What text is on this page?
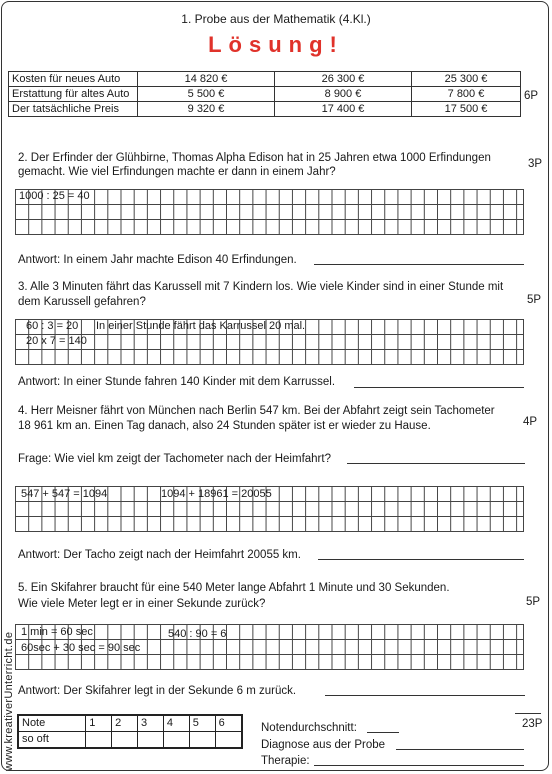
1. Probe aus der Mathematik (4.Kl.)
Lösung!
Kosten für neues Auto	14 820 €	26 300 €	25 300 €
Erstattung für altes Auto	5 500 €	8 900 €	7 800 €
Der tatsächliche Preis	9 320 €	17 400 €	17 500 €
6P
2. Der Erfinder der Glühbirne, Thomas Alpha Edison hat in 25 Jahren etwa 1000 Erfindungen
gemacht. Wie viel Erfindungen machte er dann in einem Jahr?
3P
1000 : 25 = 40
Antwort: In einem Jahr machte Edison 40 Erfindungen.
3. Alle 3 Minuten fährt das Karussell mit 7 Kindern los. Wie viele Kinder sind in einer Stunde mit
dem Karussell gefahren?	5P
60 : 3 = 20 In einer Stunde fährt das Karrussel 20 mal.
20 x 7 = 140
Antwort: In einer Stunde fahren 140 Kinder mit dem Karrussel.
4. Herr Meisner fährt von München nach Berlin 547 km. Bei der Abfahrt zeigt sein Tachometer
18 961 km an. Einen Tag danach, also 24 Stunden später ist er wieder zu Hause.	4P
Frage: Wie viel km zeigt der Tachometer nach der Heimfahrt?
547 + 547 = 1094	1094 + 18961 = 20055
Antwort: Der Tacho zeigt nach der Heimfahrt 20055 km.
5. Ein Skifahrer braucht für eine 540 Meter lange Abfahrt 1 Minute und 30 Sekunden.
Wie viele Meter legt er in einer Sekunde zurück?	5P
1 min = 60 sec	540 : 90 = 6
60sec + 30 sec = 90 sec
Antwort: Der Skifahrer legt in der Sekunde 6 m zurück.
www.kreativerUnterricht.de Note	1	2	3	4	5	6
so oft						
23P
Notendurchschnitt:
Diagnose aus der Probe
Therapie:
